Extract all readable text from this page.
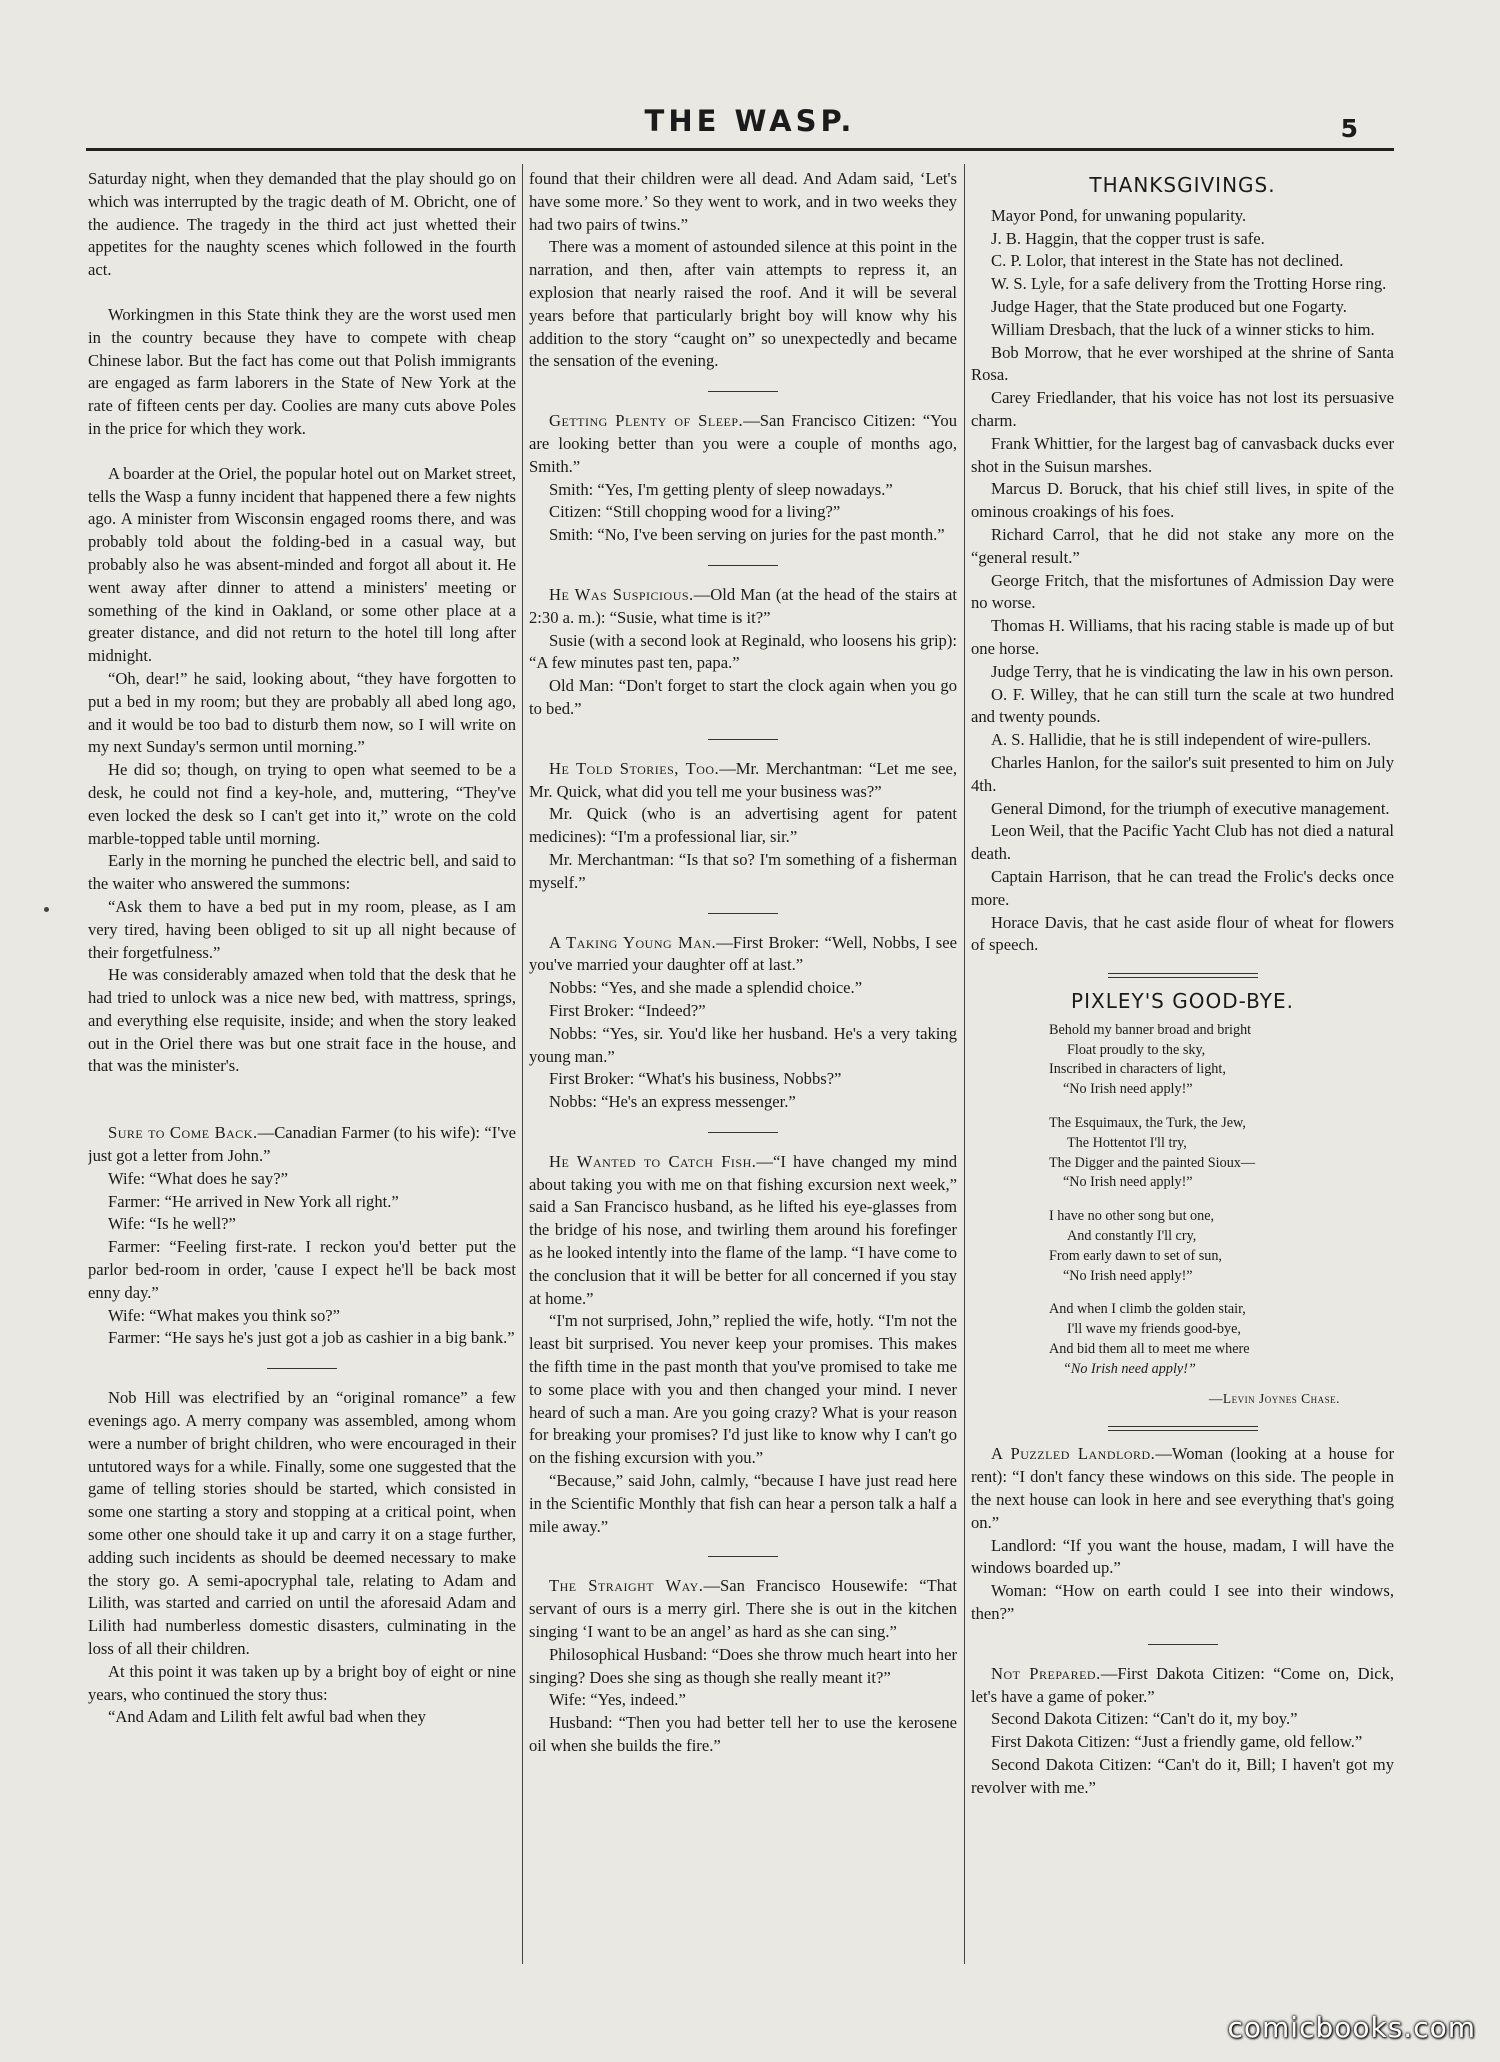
THE WASP.	5

Saturday night, when they demanded that the play should go on which was interrupted by the tragic death of M. Obricht, one of the audience. The tragedy in the third act just whetted their appetites for the naughty scenes which followed in the fourth act.

Workingmen in this State think they are the worst used men in the country because they have to compete with cheap Chinese labor. But the fact has come out that Polish immigrants are engaged as farm laborers in the State of New York at the rate of fifteen cents per day. Coolies are many cuts above Poles in the price for which they work.

A boarder at the Oriel, the popular hotel out on Market street, tells the Wasp a funny incident that happened there a few nights ago. A minister from Wisconsin engaged rooms there, and was probably told about the folding-bed in a casual way, but probably also he was absent-minded and forgot all about it. He went away after dinner to attend a ministers' meeting or something of the kind in Oakland, or some other place at a greater distance, and did not return to the hotel till long after midnight.

“Oh, dear!” he said, looking about, “they have forgotten to put a bed in my room; but they are probably all abed long ago, and it would be too bad to disturb them now, so I will write on my next Sunday's sermon until morning.”

He did so; though, on trying to open what seemed to be a desk, he could not find a key-hole, and, muttering, “They've even locked the desk so I can't get into it,” wrote on the cold marble-topped table until morning.

Early in the morning he punched the electric bell, and said to the waiter who answered the summons:

“Ask them to have a bed put in my room, please, as I am very tired, having been obliged to sit up all night because of their forgetfulness.”

He was considerably amazed when told that the desk that he had tried to unlock was a nice new bed, with mattress, springs, and everything else requisite, inside; and when the story leaked out in the Oriel there was but one strait face in the house, and that was the minister's.

Sure to Come Back.—Canadian Farmer (to his wife): “I've just got a letter from John.”

Wife: “What does he say?”

Farmer: “He arrived in New York all right.”

Wife: “Is he well?”

Farmer: “Feeling first-rate. I reckon you'd better put the parlor bed-room in order, 'cause I expect he'll be back most enny day.”

Wife: “What makes you think so?”

Farmer: “He says he's just got a job as cashier in a big bank.”

Nob Hill was electrified by an “original romance” a few evenings ago. A merry company was assembled, among whom were a number of bright children, who were encouraged in their untutored ways for a while. Finally, some one suggested that the game of telling stories should be started, which consisted in some one starting a story and stopping at a critical point, when some other one should take it up and carry it on a stage further, adding such incidents as should be deemed necessary to make the story go. A semi-apocryphal tale, relating to Adam and Lilith, was started and carried on until the aforesaid Adam and Lilith had numberless domestic disasters, culminating in the loss of all their children.

At this point it was taken up by a bright boy of eight or nine years, who continued the story thus:

“And Adam and Lilith felt awful bad when they

found that their children were all dead. And Adam said, ‘Let's have some more.’ So they went to work, and in two weeks they had two pairs of twins.”

There was a moment of astounded silence at this point in the narration, and then, after vain attempts to repress it, an explosion that nearly raised the roof. And it will be several years before that particularly bright boy will know why his addition to the story “caught on” so unexpectedly and became the sensation of the evening.

Getting Plenty of Sleep.—San Francisco Citizen: “You are looking better than you were a couple of months ago, Smith.”

Smith: “Yes, I'm getting plenty of sleep nowadays.”

Citizen: “Still chopping wood for a living?”

Smith: “No, I've been serving on juries for the past month.”

He Was Suspicious.—Old Man (at the head of the stairs at 2:30 a. m.): “Susie, what time is it?”

Susie (with a second look at Reginald, who loosens his grip): “A few minutes past ten, papa.”

Old Man: “Don't forget to start the clock again when you go to bed.”

He Told Stories, Too.—Mr. Merchantman: “Let me see, Mr. Quick, what did you tell me your business was?”

Mr. Quick (who is an advertising agent for patent medicines): “I'm a professional liar, sir.”

Mr. Merchantman: “Is that so? I'm something of a fisherman myself.”

A Taking Young Man.—First Broker: “Well, Nobbs, I see you've married your daughter off at last.”

Nobbs: “Yes, and she made a splendid choice.”

First Broker: “Indeed?”

Nobbs: “Yes, sir. You'd like her husband. He's a very taking young man.”

First Broker: “What's his business, Nobbs?”

Nobbs: “He's an express messenger.”

He Wanted to Catch Fish.—“I have changed my mind about taking you with me on that fishing excursion next week,” said a San Francisco husband, as he lifted his eye-glasses from the bridge of his nose, and twirling them around his forefinger as he looked intently into the flame of the lamp. “I have come to the conclusion that it will be better for all concerned if you stay at home.”

“I'm not surprised, John,” replied the wife, hotly. “I'm not the least bit surprised. You never keep your promises. This makes the fifth time in the past month that you've promised to take me to some place with you and then changed your mind. I never heard of such a man. Are you going crazy? What is your reason for breaking your promises? I'd just like to know why I can't go on the fishing excursion with you.”

“Because,” said John, calmly, “because I have just read here in the Scientific Monthly that fish can hear a person talk a half a mile away.”

The Straight Way.—San Francisco Housewife: “That servant of ours is a merry girl. There she is out in the kitchen singing ‘I want to be an angel’ as hard as she can sing.”

Philosophical Husband: “Does she throw much heart into her singing? Does she sing as though she really meant it?”

Wife: “Yes, indeed.”

Husband: “Then you had better tell her to use the kerosene oil when she builds the fire.”

THANKSGIVINGS.

Mayor Pond, for unwaning popularity.

J. B. Haggin, that the copper trust is safe.

C. P. Lolor, that interest in the State has not declined.

W. S. Lyle, for a safe delivery from the Trotting Horse ring.

Judge Hager, that the State produced but one Fogarty.

William Dresbach, that the luck of a winner sticks to him.

Bob Morrow, that he ever worshiped at the shrine of Santa Rosa.

Carey Friedlander, that his voice has not lost its persuasive charm.

Frank Whittier, for the largest bag of canvasback ducks ever shot in the Suisun marshes.

Marcus D. Boruck, that his chief still lives, in spite of the ominous croakings of his foes.

Richard Carrol, that he did not stake any more on the “general result.”

George Fritch, that the misfortunes of Admission Day were no worse.

Thomas H. Williams, that his racing stable is made up of but one horse.

Judge Terry, that he is vindicating the law in his own person.

O. F. Willey, that he can still turn the scale at two hundred and twenty pounds.

A. S. Hallidie, that he is still independent of wire-pullers.

Charles Hanlon, for the sailor's suit presented to him on July 4th.

General Dimond, for the triumph of executive management.

Leon Weil, that the Pacific Yacht Club has not died a natural death.

Captain Harrison, that he can tread the Frolic's decks once more.

Horace Davis, that he cast aside flour of wheat for flowers of speech.

PIXLEY'S GOOD-BYE.
Behold my banner broad and bright
Float proudly to the sky,
Inscribed in characters of light,
“No Irish need apply!”
The Esquimaux, the Turk, the Jew,
The Hottentot I'll try,
The Digger and the painted Sioux—
“No Irish need apply!”
I have no other song but one,
And constantly I'll cry,
From early dawn to set of sun,
“No Irish need apply!”
And when I climb the golden stair,
I'll wave my friends good-bye,
And bid them all to meet me where
“No Irish need apply!”
—Levin Joynes Chase.

A Puzzled Landlord.—Woman (looking at a house for rent): “I don't fancy these windows on this side. The people in the next house can look in here and see everything that's going on.”

Landlord: “If you want the house, madam, I will have the windows boarded up.”

Woman: “How on earth could I see into their windows, then?”

Not Prepared.—First Dakota Citizen: “Come on, Dick, let's have a game of poker.”

Second Dakota Citizen: “Can't do it, my boy.”

First Dakota Citizen: “Just a friendly game, old fellow.”

Second Dakota Citizen: “Can't do it, Bill; I haven't got my revolver with me.”

comicbooks.com
